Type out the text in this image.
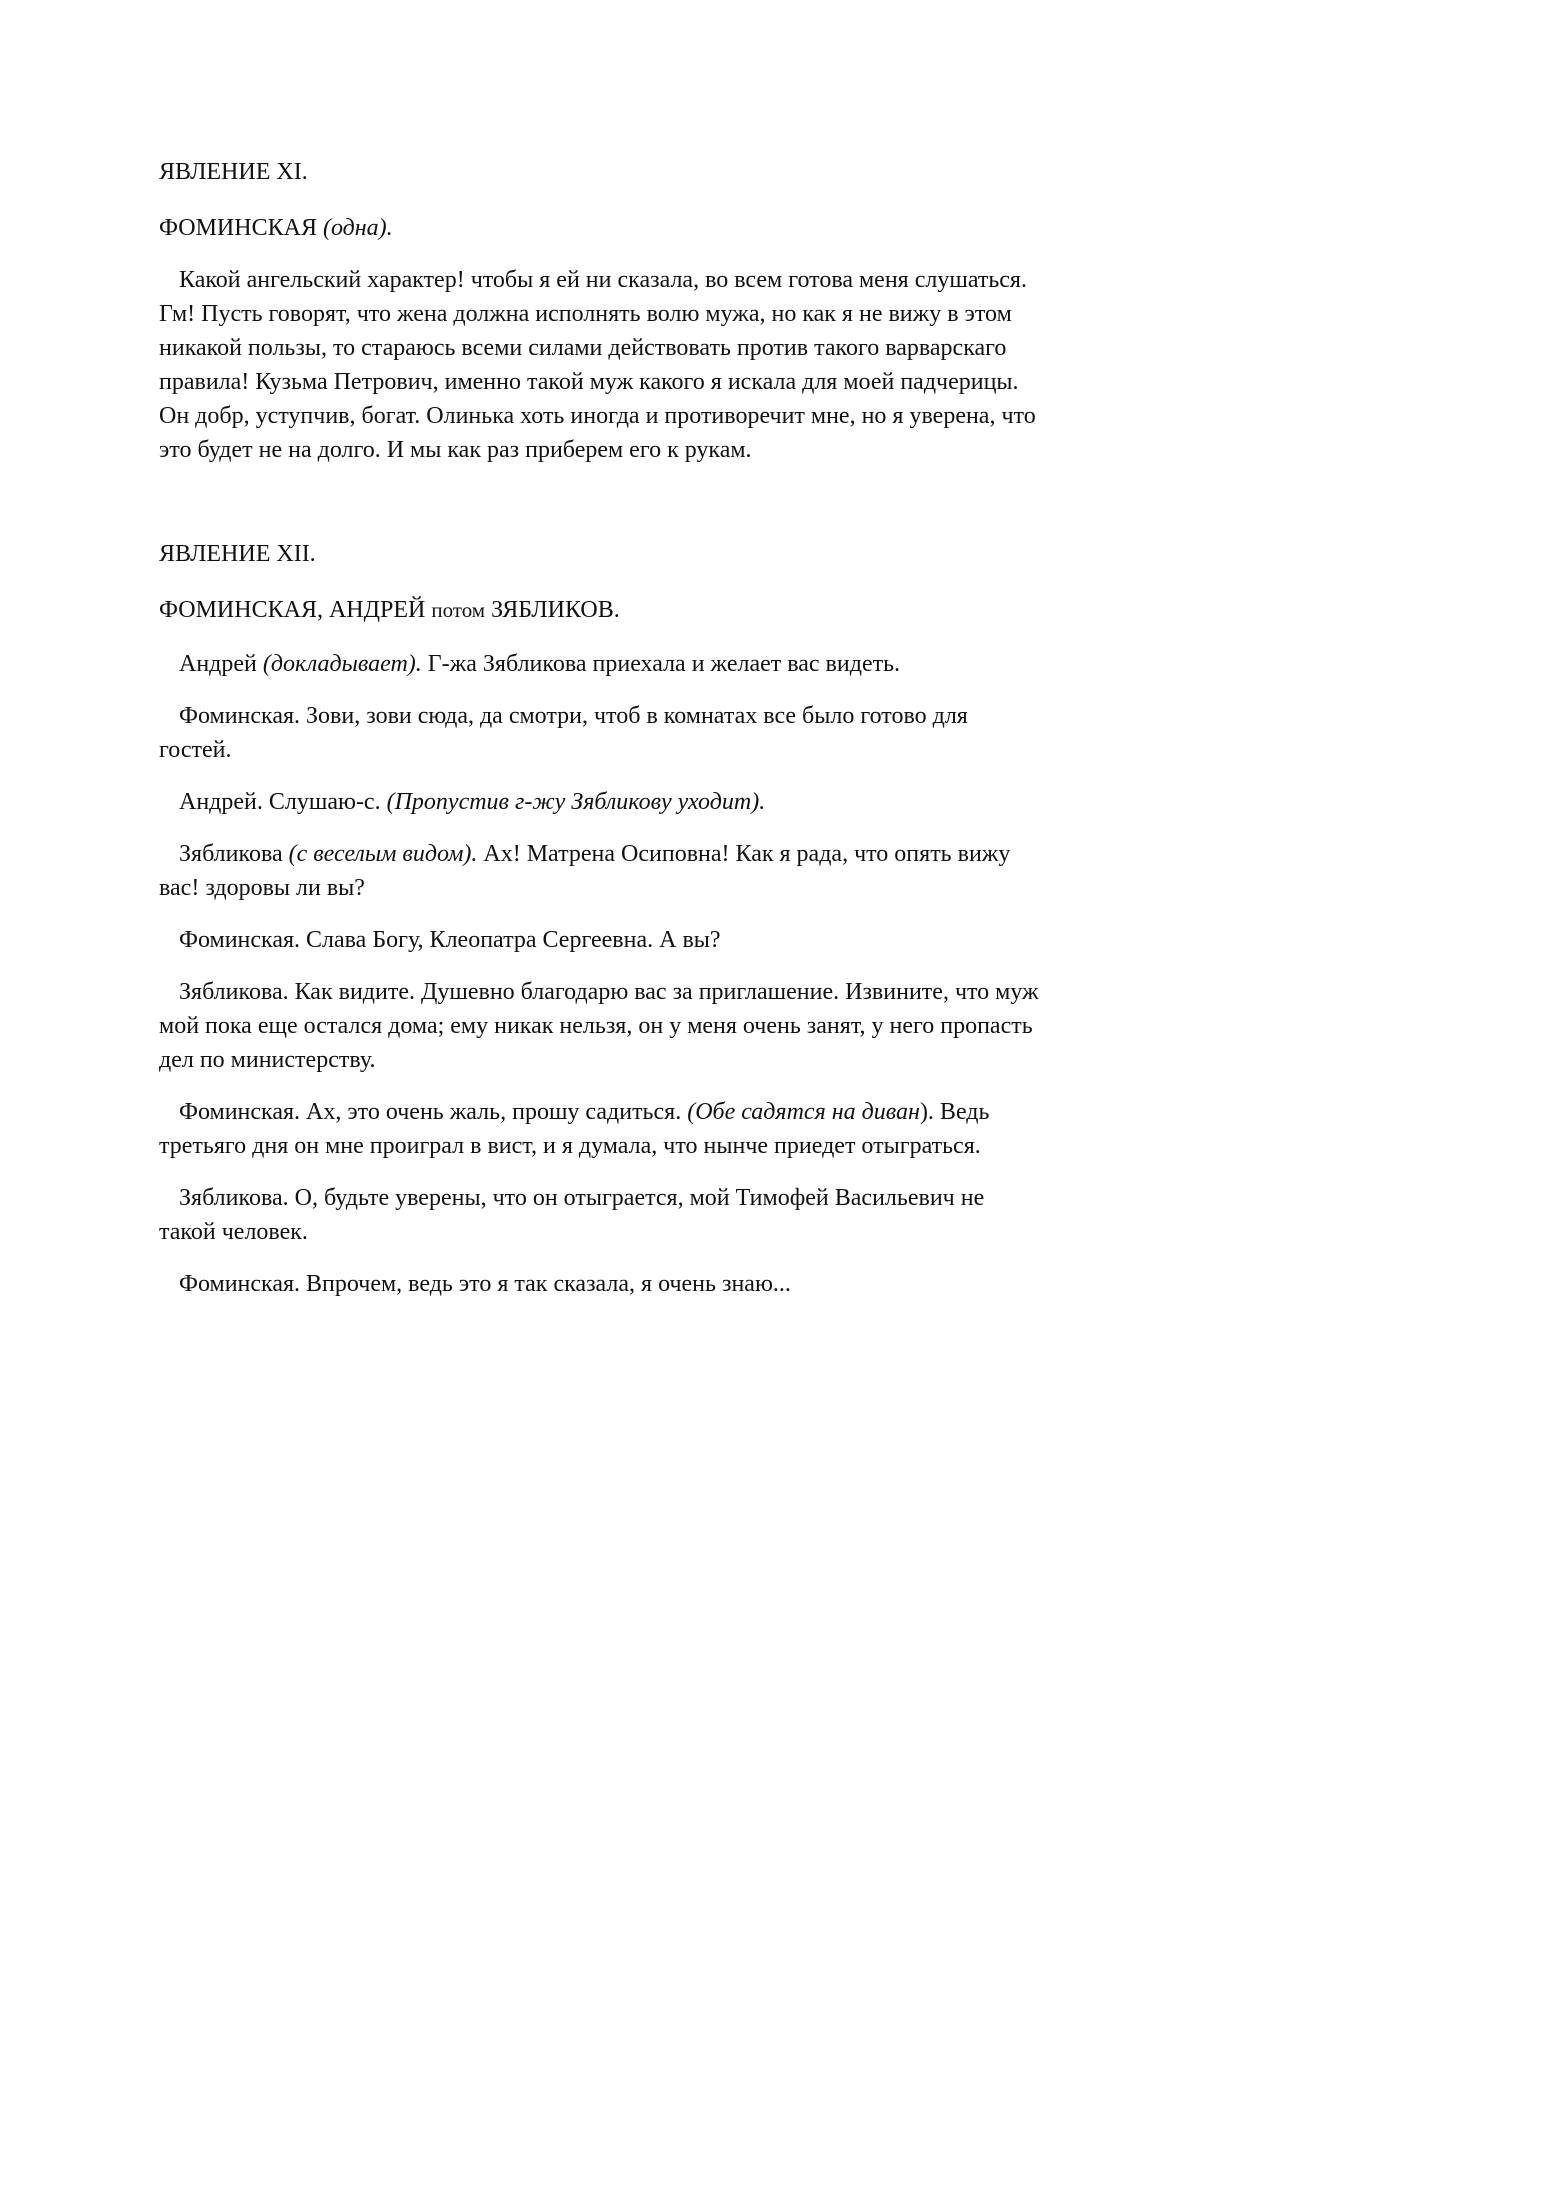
ЯВЛЕНИЕ XI.
ФОМИНСКАЯ (одна).

Какой ангельский характер! чтобы я ей ни сказала, во всем готова меня слушаться. Гм! Пусть говорят, что жена должна исполнять волю мужа, но как я не вижу в этом никакой пользы, то стараюсь всеми силами действовать против такого варварскаго правила! Кузьма Петрович, именно такой муж какого я искала для моей падчерицы. Он добр, уступчив, богат. Олинька хоть иногда и противоречит мне, но я уверена, что это будет не на долго. И мы как раз приберем его к рукам.

ЯВЛЕНИЕ XII.
ФОМИНСКАЯ, АНДРЕЙ потом ЗЯБЛИКОВ.

Андрей (докладывает). Г-жа Зябликова приехала и желает вас видеть.

Фоминская. Зови, зови сюда, да смотри, чтоб в комнатах все было готово для гостей.

Андрей. Слушаю-с. (Пропустив г-жу Зябликову уходит).

Зябликова (с веселым видом). Ах! Матрена Осиповна! Как я рада, что опять вижу вас! здоровы ли вы?

Фоминская. Слава Богу, Клеопатра Сергеевна. А вы?

Зябликова. Как видите. Душевно благодарю вас за приглашение. Извините, что муж мой пока еще остался дома; ему никак нельзя, он у меня очень занят, у него пропасть дел по министерству.

Фоминская. Ах, это очень жаль, прошу садиться. (Обе садятся на диван). Ведь третьяго дня он мне проиграл в вист, и я думала, что нынче приедет отыграться.

Зябликова. О, будьте уверены, что он отыграется, мой Тимофей Васильевич не такой человек.

Фоминская. Впрочем, ведь это я так сказала, я очень знаю...
